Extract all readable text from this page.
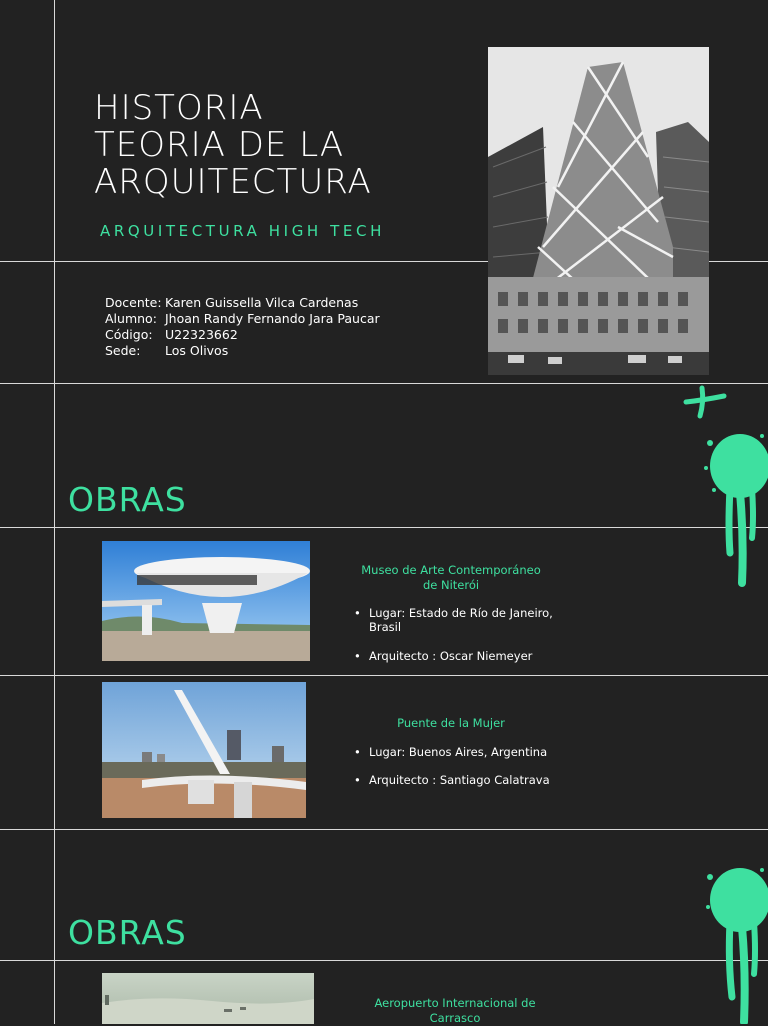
HISTORIA
TEORIA DE LA
ARQUITECTURA
ARQUITECTURA HIGH TECH
Docente: Karen Guissella Vilca Cardenas
Alumno: Jhoan Randy Fernando Jara Paucar
Código: U22323662
Sede:	Los Olivos
OBRAS
OBRAS
Museo de Arte Contemporáneo de Niterói
• Lugar: Estado de Río de Janeiro, Brasil
• Arquitecto : Oscar Niemeyer
Puente de la Mujer
• Lugar: Buenos Aires, Argentina
• Arquitecto : Santiago Calatrava
Aeropuerto Internacional de Carrasco
